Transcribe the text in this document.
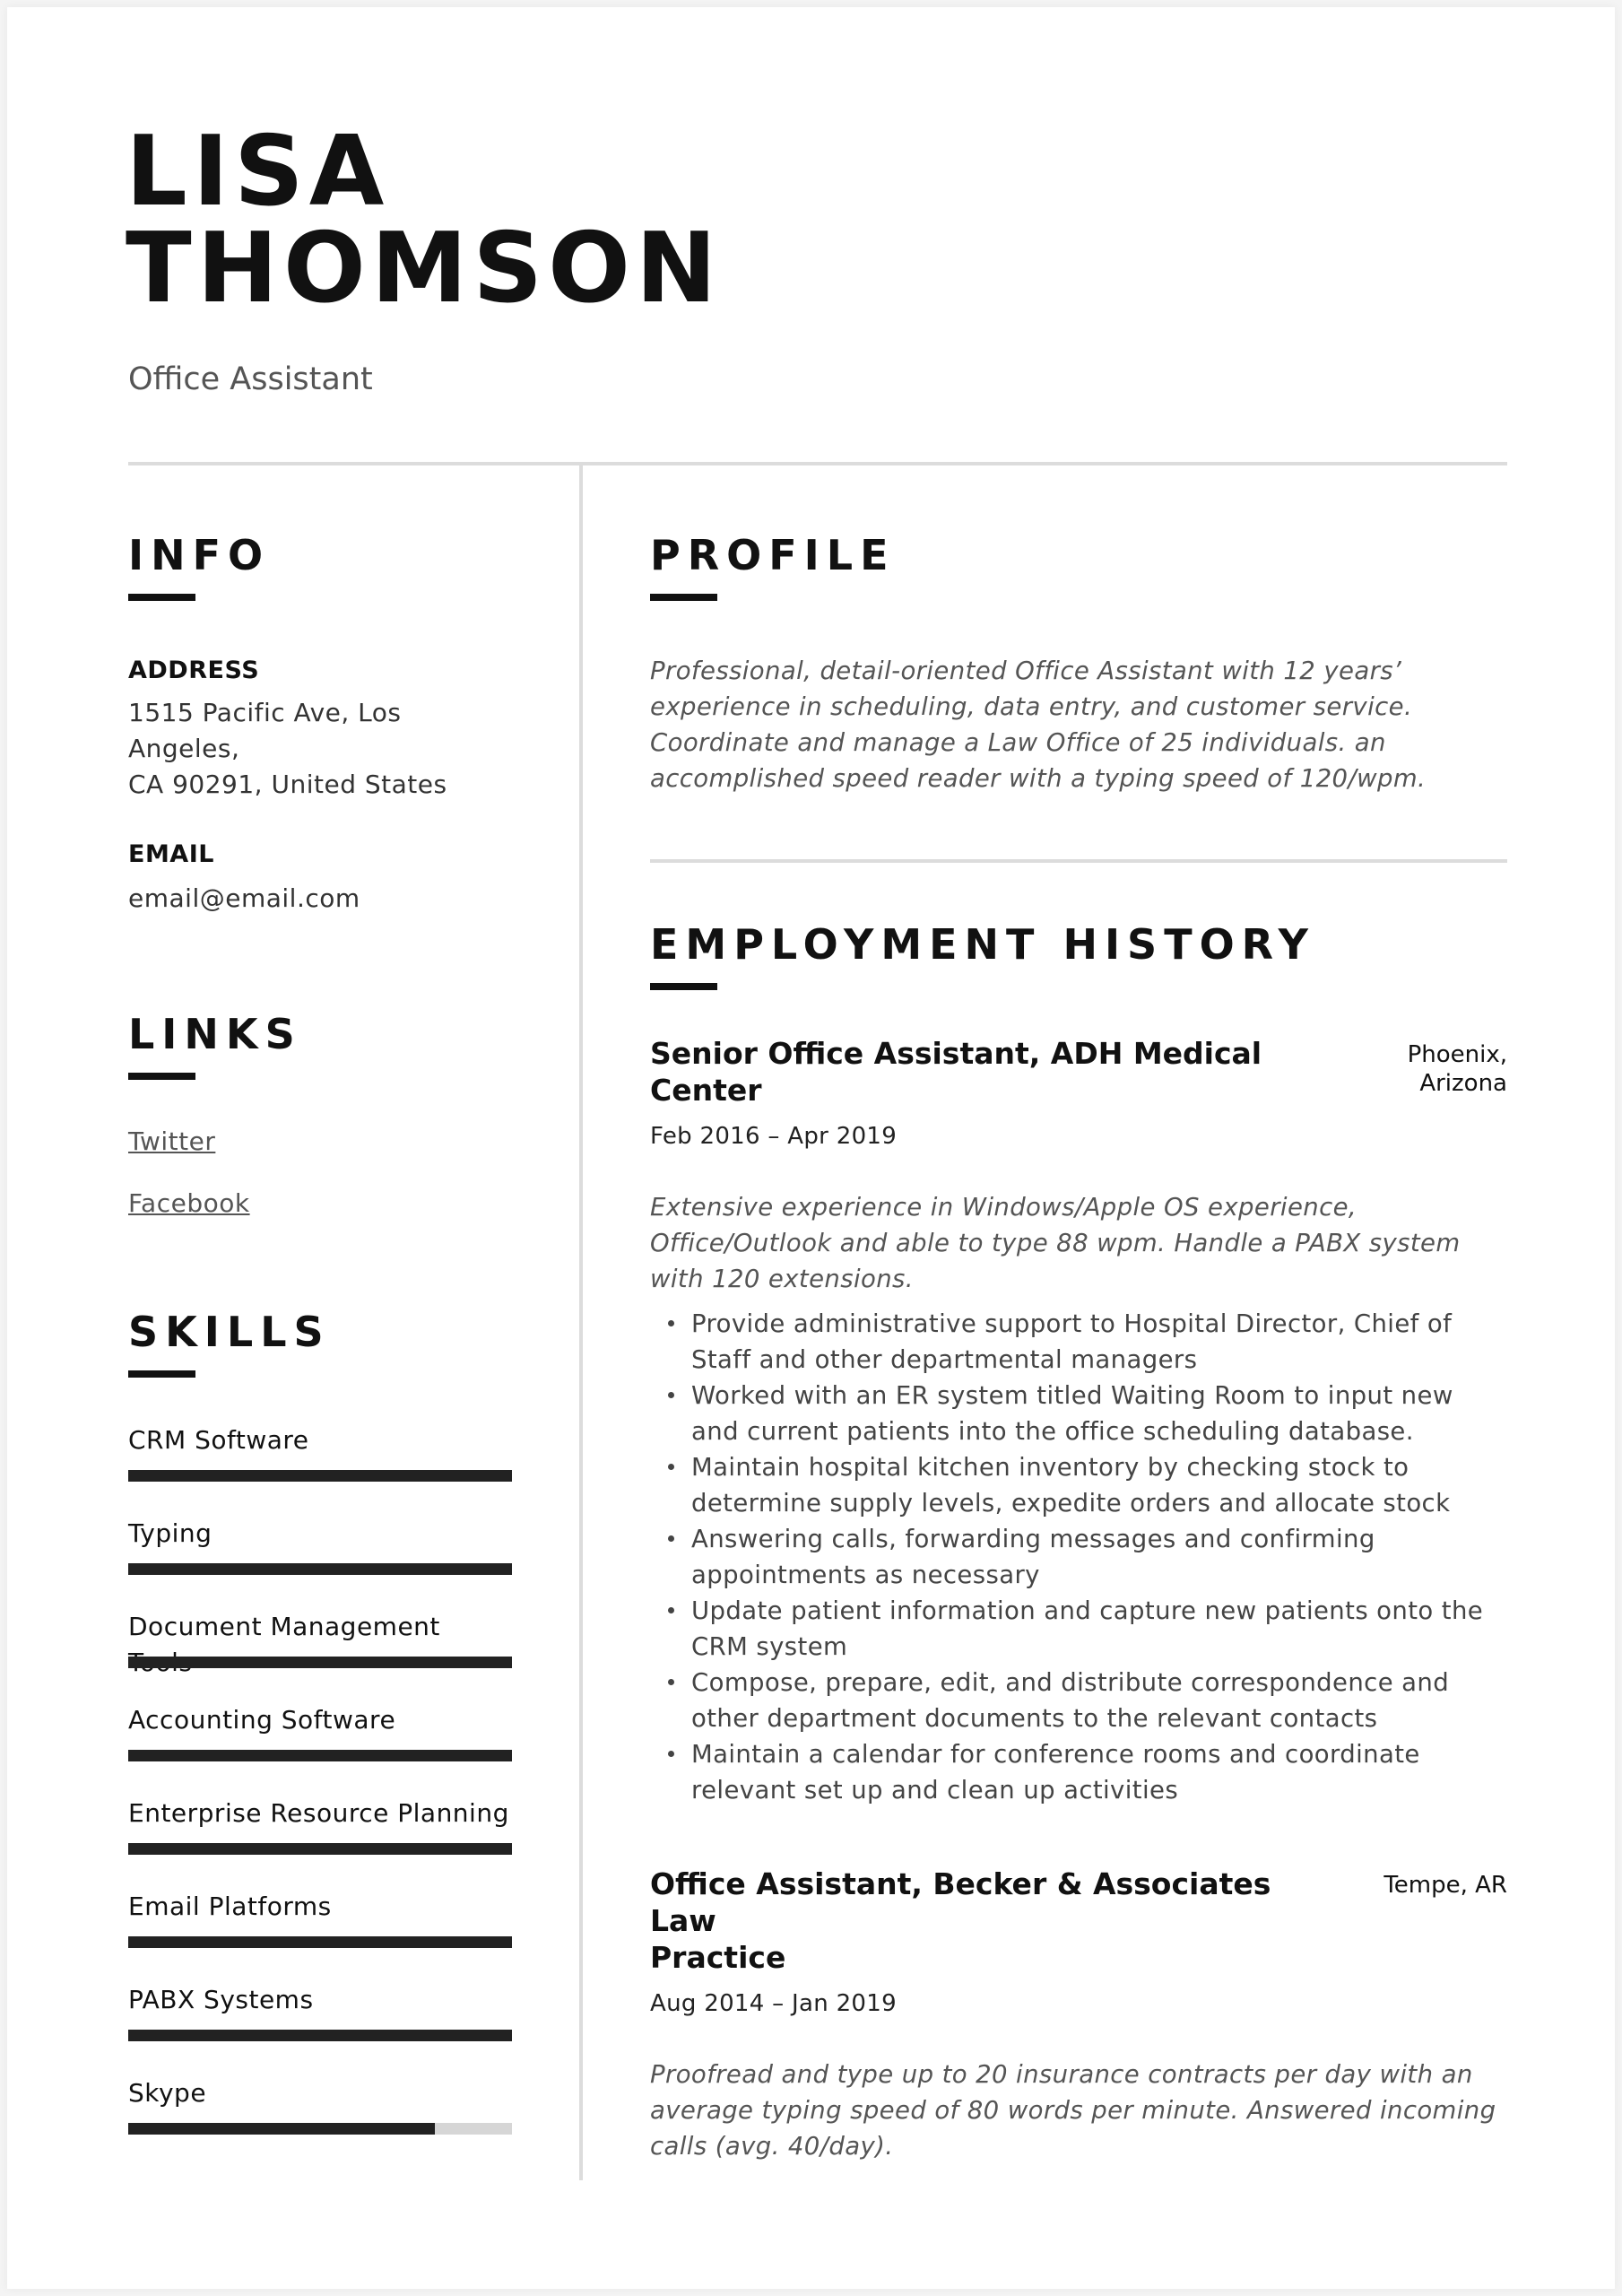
LISA
THOMSON
Office Assistant
INFO
ADDRESS
1515 Pacific Ave, Los Angeles,
CA 90291, United States
EMAIL
email@email.com
LINKS
Twitter
Facebook
SKILLS
CRM Software
Typing
Document Management
Accounting Software
Enterprise Resource Planning
Email Platforms
PABX Systems
Skype
PROFILE

Professional, detail-oriented Office Assistant with 12 years’ experience in scheduling, data entry, and customer service. Coordinate and manage a Law Office of 25 individuals. an accomplished speed reader with a typing speed of 120/wpm.

EMPLOYMENT HISTORY
Senior Office Assistant, ADH Medical
Center
Phoenix,
Arizona
Feb 2016 – Apr 2019

Extensive experience in Windows/Apple OS experience, Office/Outlook and able to type 88 wpm. Handle a PABX system with 120 extensions.

Provide administrative support to Hospital Director, Chief of Staff and other departmental managers
Worked with an ER system titled Waiting Room to input new and current patients into the office scheduling database.
Maintain hospital kitchen inventory by checking stock to determine supply levels, expedite orders and allocate stock
Answering calls, forwarding messages and confirming appointments as necessary
Update patient information and capture new patients onto the CRM system
Compose, prepare, edit, and distribute correspondence and other department documents to the relevant contacts
Maintain a calendar for conference rooms and coordinate relevant set up and clean up activities
Office Assistant, Becker & Associates Law
Practice
Tempe, AR
Aug 2014 – Jan 2019

Proofread and type up to 20 insurance contracts per day with an average typing speed of 80 words per minute. Answered incoming calls (avg. 40/day).
